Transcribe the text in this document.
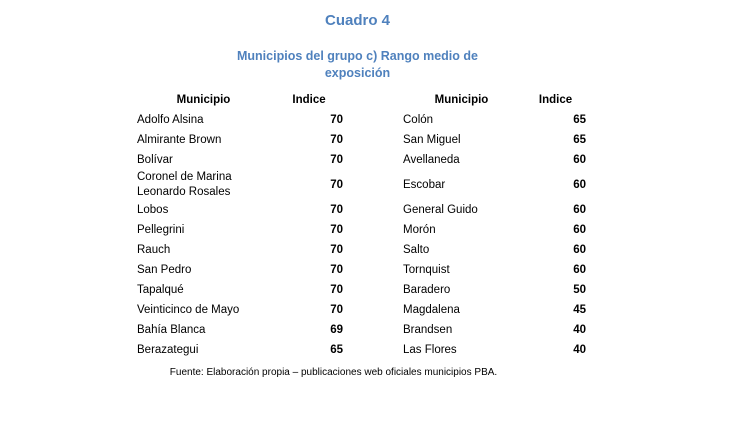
Cuadro 4
Municipios del grupo c) Rango medio de exposición
Municipio	Indice		Municipio	Indice
Adolfo Alsina	70		Colón	65
Almirante Brown	70		San Miguel	65
Bolívar	70		Avellaneda	60
Coronel de Marina Leonardo Rosales	70		Escobar	60
Lobos	70		General Guido	60
Pellegrini	70		Morón	60
Rauch	70		Salto	60
San Pedro	70		Tornquist	60
Tapalqué	70		Baradero	50
Veinticinco de Mayo	70		Magdalena	45
Bahía Blanca	69		Brandsen	40
Berazategui	65		Las Flores	40
Fuente: Elaboración propia – publicaciones web oficiales municipios PBA.
